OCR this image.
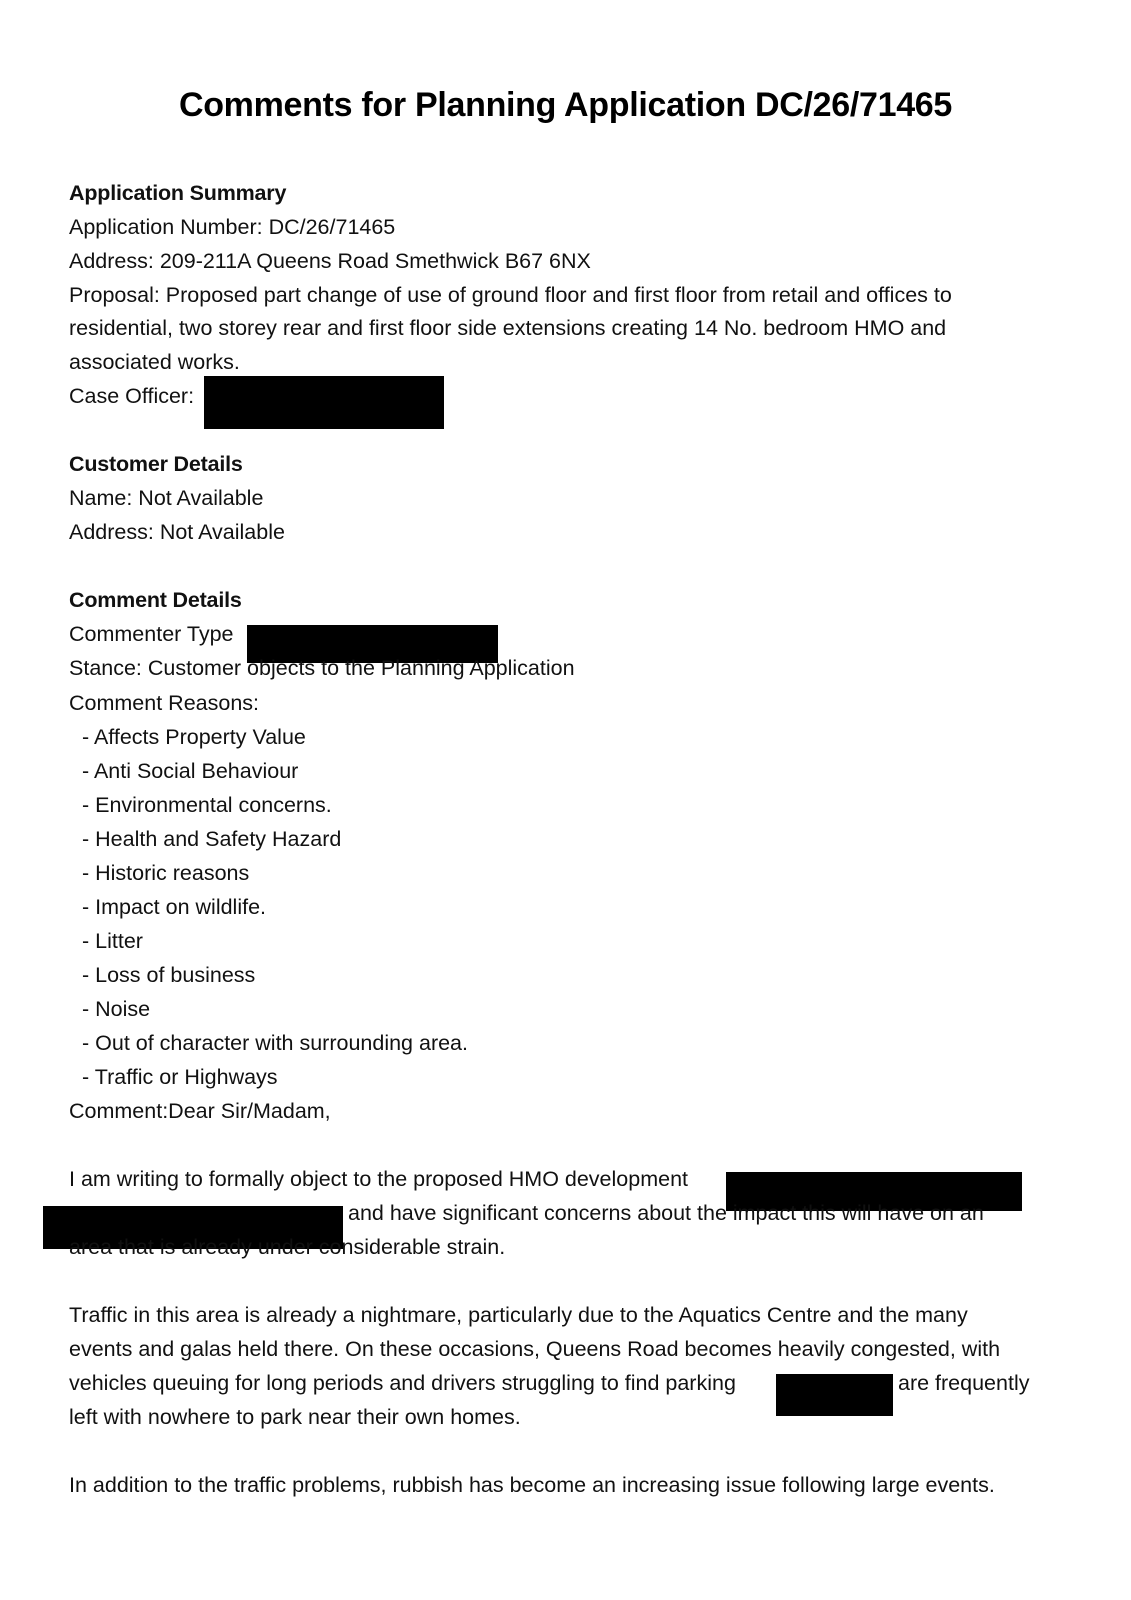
Comments for Planning Application DC/26/71465
Application Summary
Application Number: DC/26/71465
Address: 209-211A Queens Road Smethwick B67 6NX
Proposal: Proposed part change of use of ground floor and first floor from retail and offices to
residential, two storey rear and first floor side extensions creating 14 No. bedroom HMO and
associated works.
Case Officer:
Customer Details
Name: Not Available
Address: Not Available
Comment Details
Commenter Type
Stance: Customer objects to the Planning Application
Comment Reasons:
- Affects Property Value
- Anti Social Behaviour
- Environmental concerns.
- Health and Safety Hazard
- Historic reasons
- Impact on wildlife.
- Litter
- Loss of business
- Noise
- Out of character with surrounding area.
- Traffic or Highways
Comment:Dear Sir/Madam,
I am writing to formally object to the proposed HMO development
and have significant concerns about the impact this will have on an
area that is already under considerable strain.
Traffic in this area is already a nightmare, particularly due to the Aquatics Centre and the many
events and galas held there. On these occasions, Queens Road becomes heavily congested, with
vehicles queuing for long periods and drivers struggling to find parking	are frequently
left with nowhere to park near their own homes.
In addition to the traffic problems, rubbish has become an increasing issue following large events.
